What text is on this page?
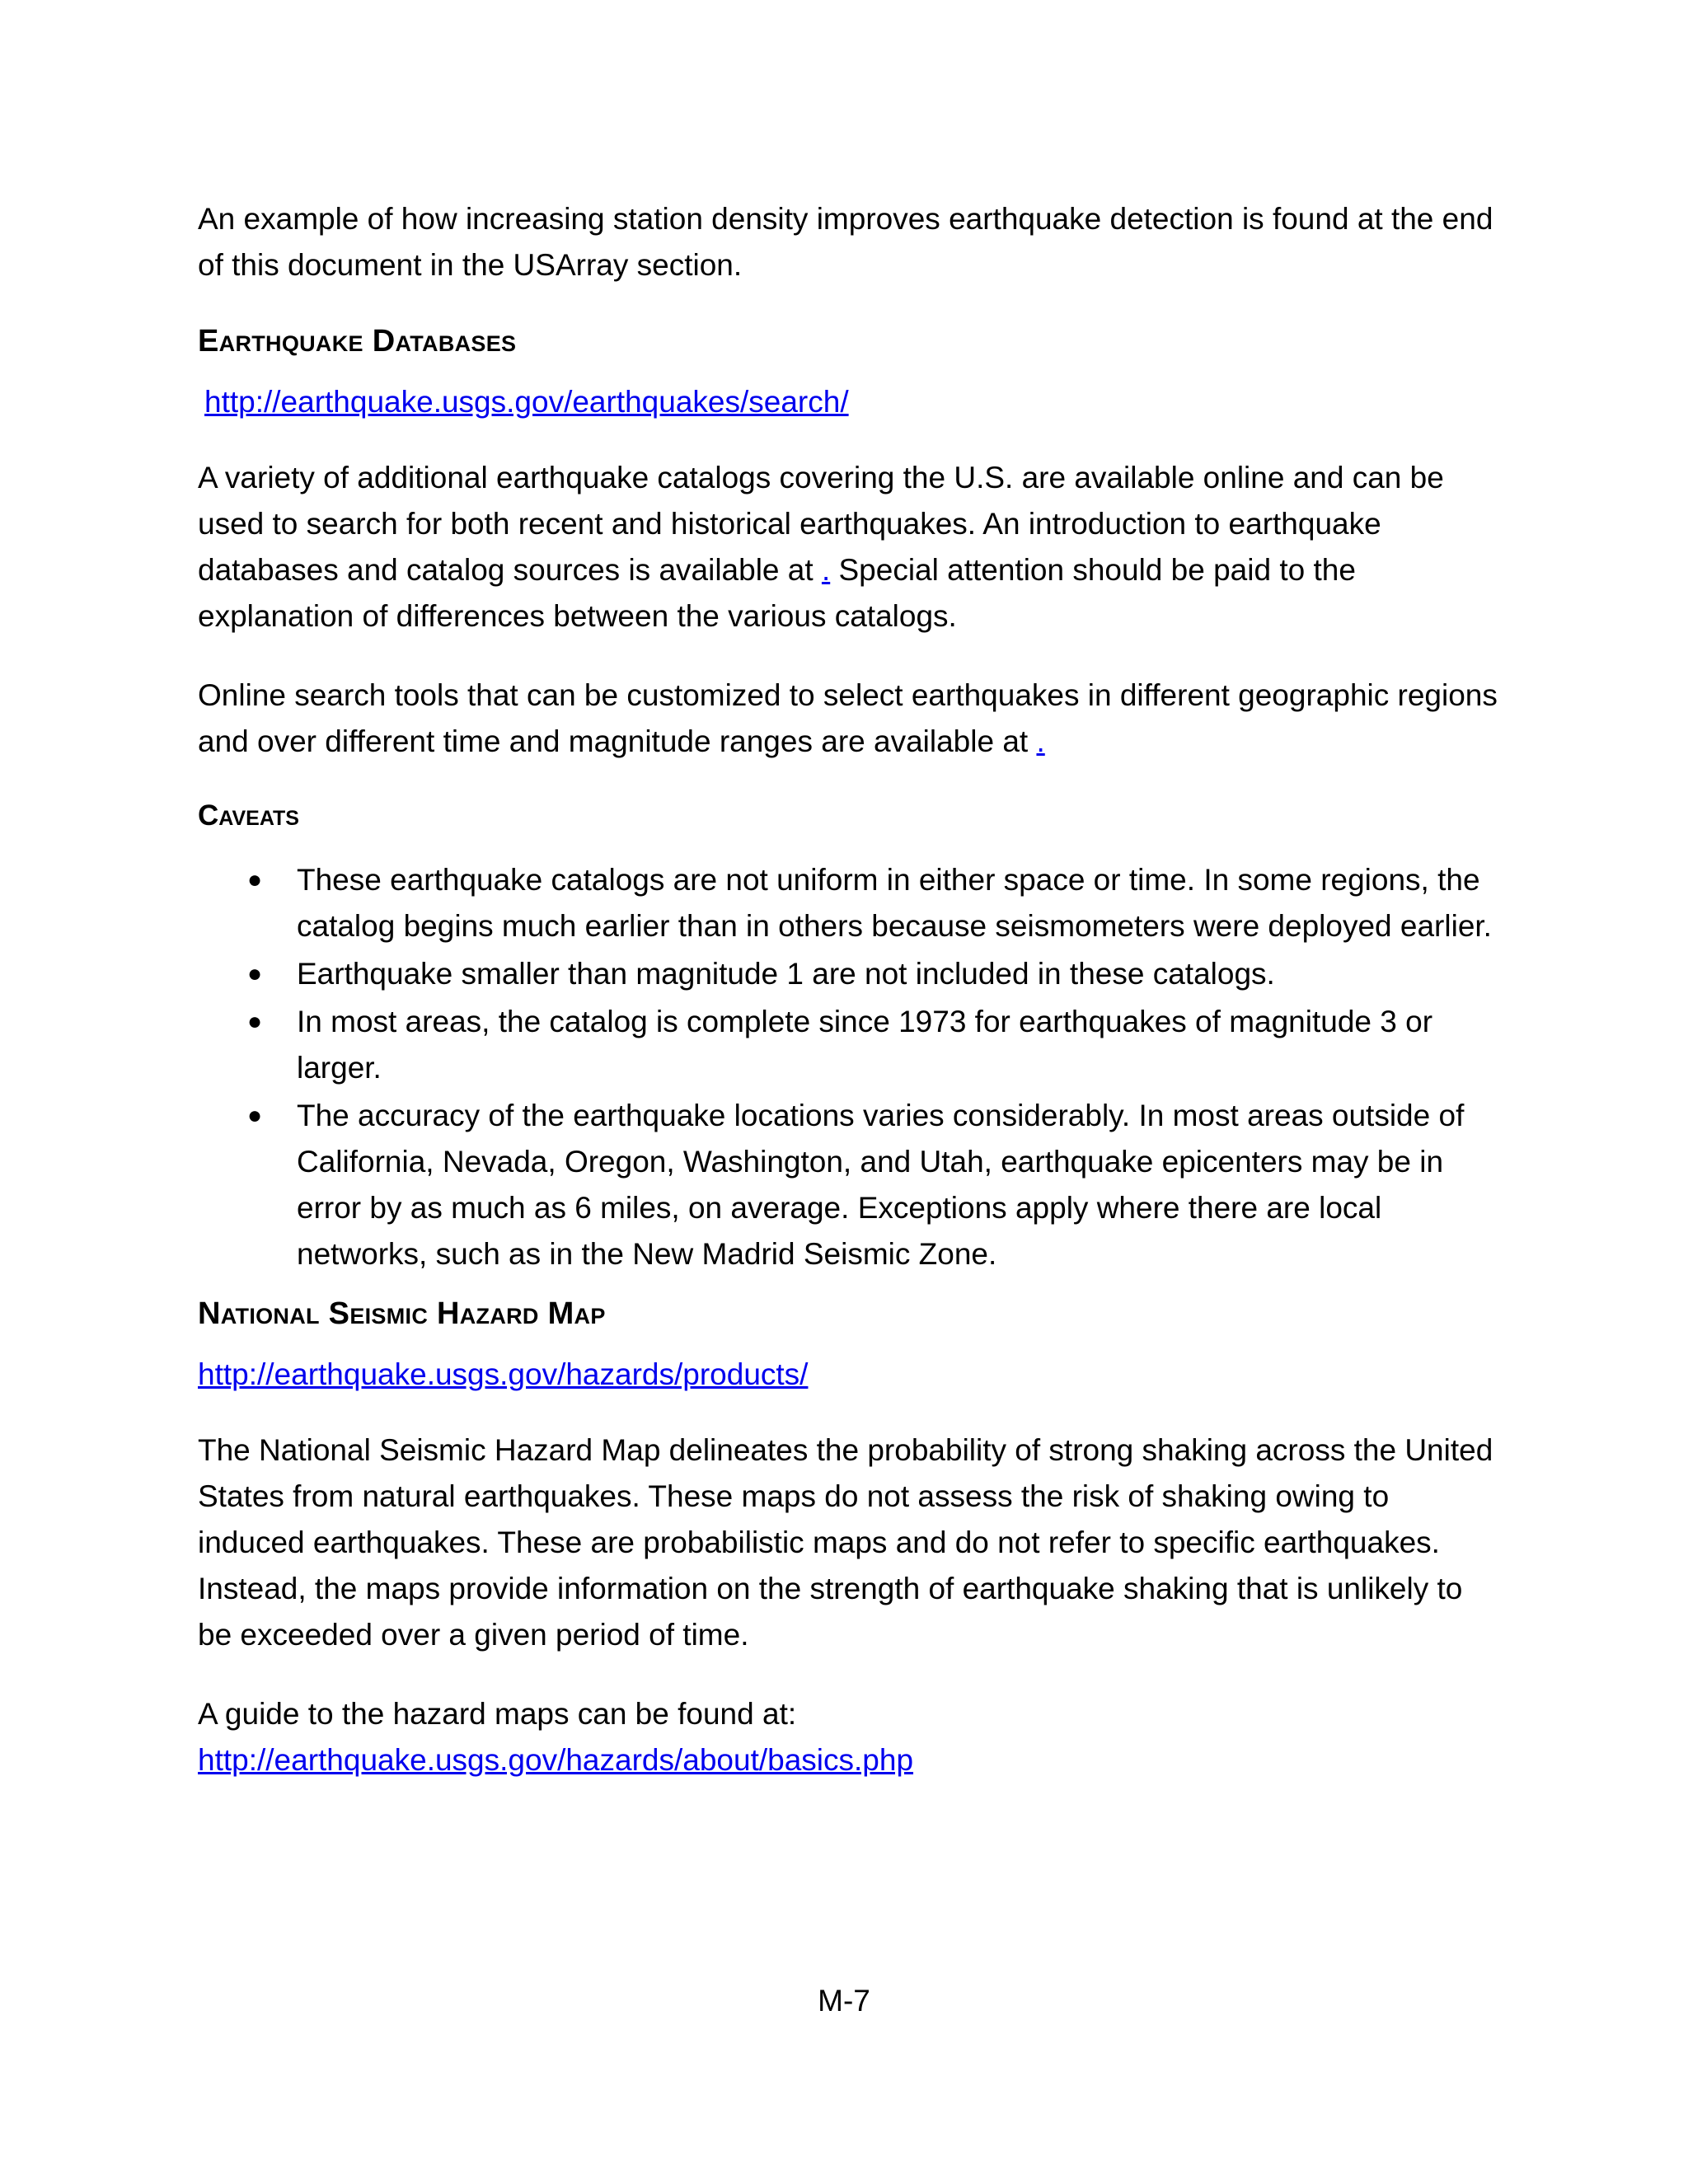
An example of how increasing station density improves earthquake detection is found at the end of this document in the USArray section.

Earthquake Databases

http://earthquake.usgs.gov/earthquakes/search/

A variety of additional earthquake catalogs covering the U.S. are available online and can be used to search for both recent and historical earthquakes. An introduction to earthquake databases and catalog sources is available at . Special attention should be paid to the explanation of differences between the various catalogs.

Online search tools that can be customized to select earthquakes in different geographic regions and over different time and magnitude ranges are available at .

Caveats
● These earthquake catalogs are not uniform in either space or time. In some regions, the catalog begins much earlier than in others because seismometers were deployed earlier.
● Earthquake smaller than magnitude 1 are not included in these catalogs.
● In most areas, the catalog is complete since 1973 for earthquakes of magnitude 3 or larger.
● The accuracy of the earthquake locations varies considerably. In most areas outside of California, Nevada, Oregon, Washington, and Utah, earthquake epicenters may be in error by as much as 6 miles, on average. Exceptions apply where there are local networks, such as in the New Madrid Seismic Zone.
National Seismic Hazard Map

http://earthquake.usgs.gov/hazards/products/

The National Seismic Hazard Map delineates the probability of strong shaking across the United States from natural earthquakes. These maps do not assess the risk of shaking owing to induced earthquakes. These are probabilistic maps and do not refer to specific earthquakes. Instead, the maps provide information on the strength of earthquake shaking that is unlikely to be exceeded over a given period of time.

A guide to the hazard maps can be found at:

http://earthquake.usgs.gov/hazards/about/basics.php

M-7
